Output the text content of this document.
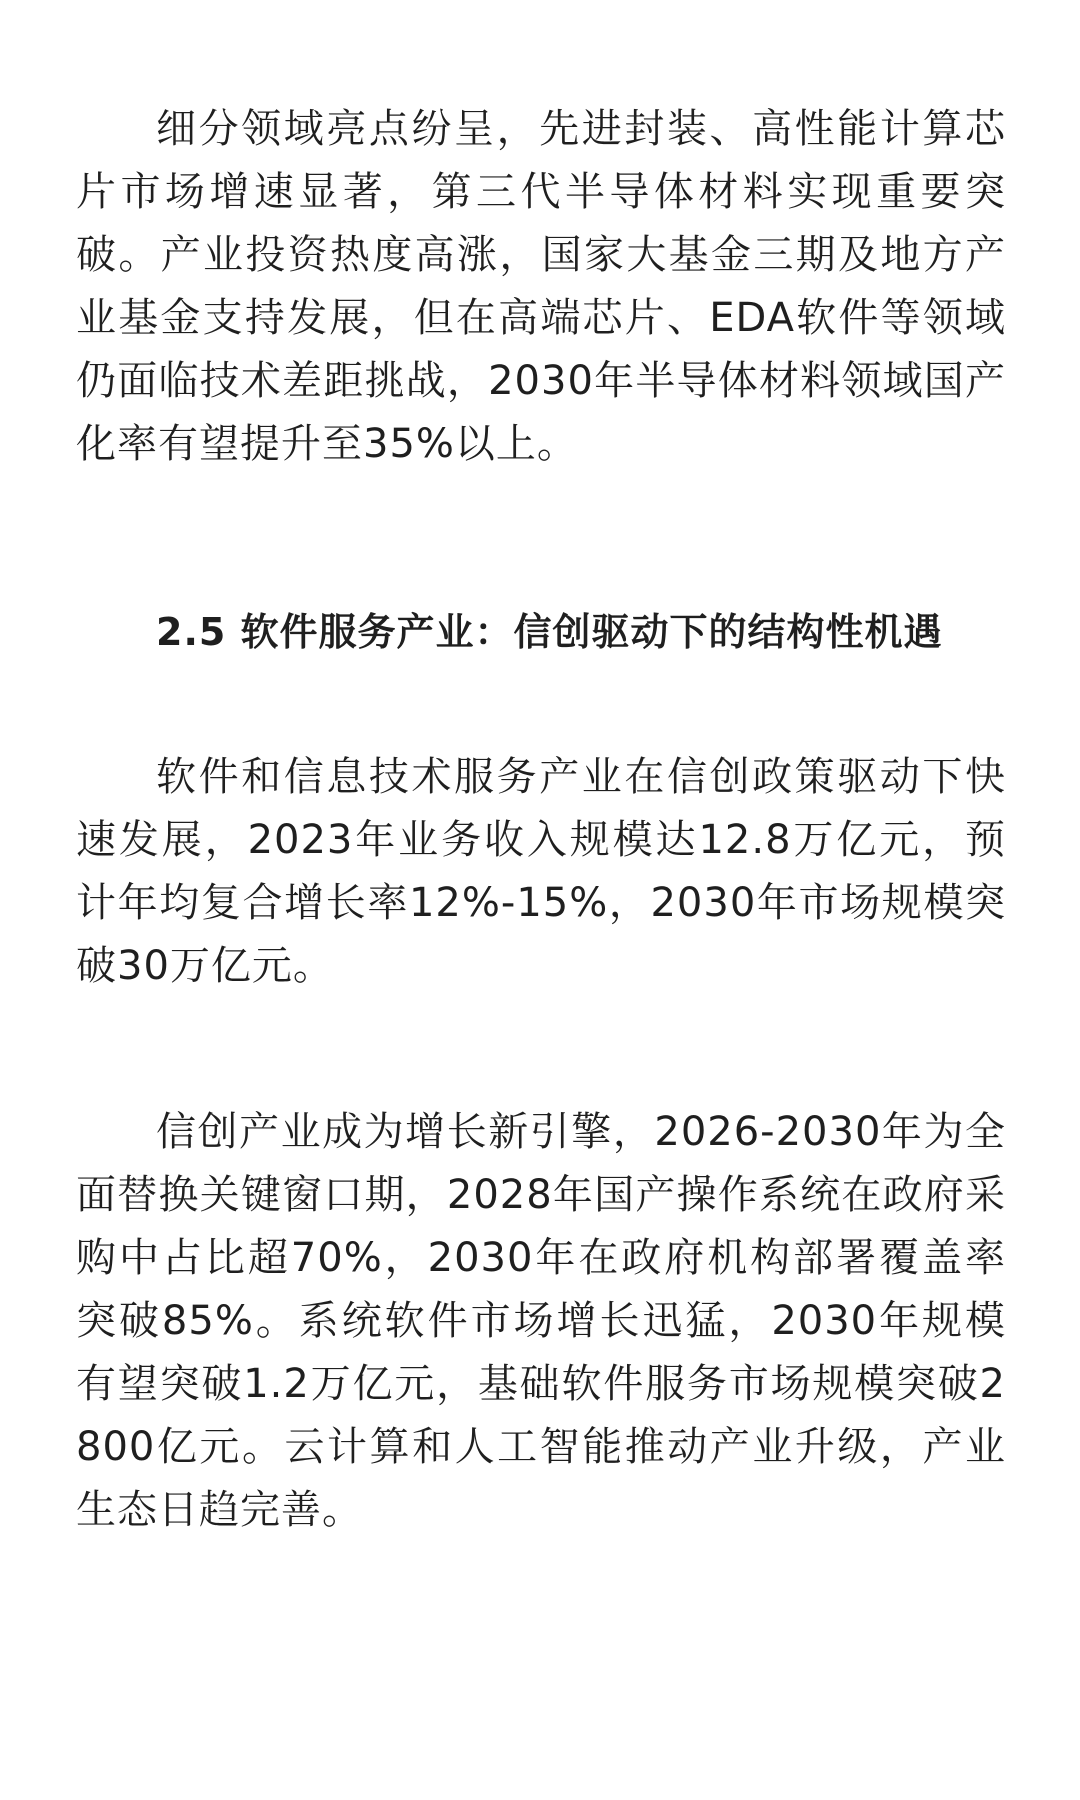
细分领域亮点纷呈，先进封装、高性能计算芯片市场增速显著，第三代半导体材料实现重要突破。产业投资热度高涨，国家大基金三期及地方产业基金支持发展，但在高端芯片、EDA软件等领域仍面临技术差距挑战，2030年半导体材料领域国产化率有望提升至35%以上。

2.5 软件服务产业：信创驱动下的结构性机遇

软件和信息技术服务产业在信创政策驱动下快速发展，2023年业务收入规模达12.8万亿元，预计年均复合增长率12%-15%，2030年市场规模突破30万亿元。

信创产业成为增长新引擎，2026-2030年为全面替换关键窗口期，2028年国产操作系统在政府采购中占比超70%，2030年在政府机构部署覆盖率突破85%。系统软件市场增长迅猛，2030年规模有望突破1.2万亿元，基础软件服务市场规模突破2800亿元。云计算和人工智能推动产业升级，产业生态日趋完善。
